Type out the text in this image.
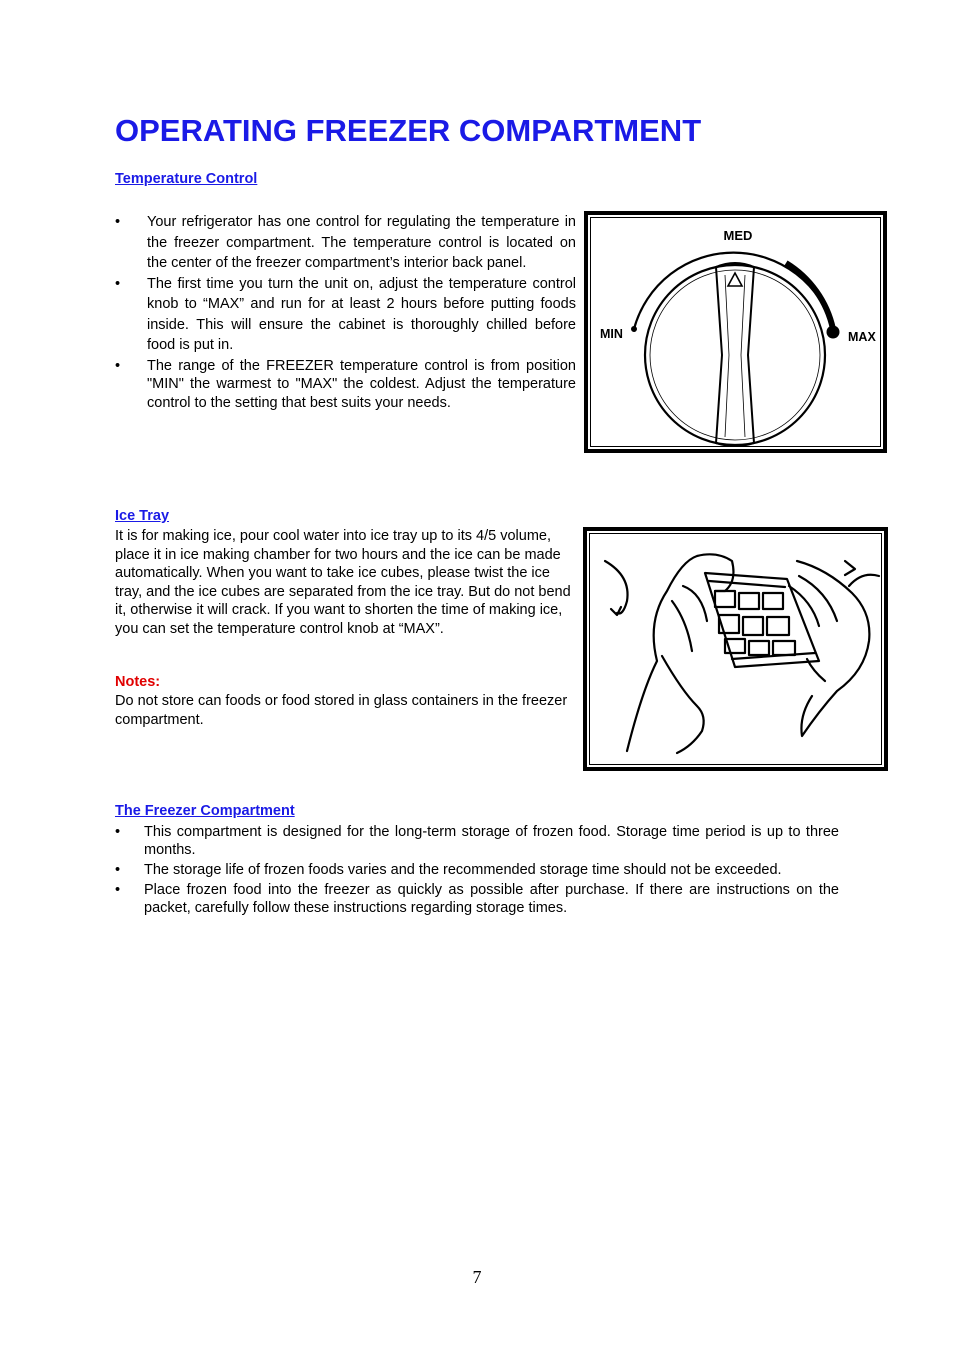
OPERATING FREEZER COMPARTMENT
Temperature Control
• Your refrigerator has one control for regulating the temperature in the freezer compartment. The temperature control is located on the center of the freezer compartment’s interior back panel.
• The first time you turn the unit on, adjust the temperature control knob to “MAX” and run for at least 2 hours before putting foods inside. This will ensure the cabinet is thoroughly chilled before food is put in.
• The range of the FREEZER temperature control is from position "MIN" the warmest to "MAX" the coldest. Adjust the temperature control to the setting that best suits your needs.
MED
MIN	MAX
Ice Tray

It is for making ice, pour cool water into ice tray up to its 4/5 volume, place it in ice making chamber for two hours and the ice can be made automatically. When you want to take ice cubes, please twist the ice tray, and the ice cubes are separated from the ice tray. But do not bend it, otherwise it will crack. If you want to shorten the time of making ice, you can set the temperature control knob at “MAX”.

Notes:

Do not store can foods or food stored in glass containers in the freezer compartment.

The Freezer Compartment
• This compartment is designed for the long-term storage of frozen food. Storage time period is up to three months.
• The storage life of frozen foods varies and the recommended storage time should not be exceeded.
• Place frozen food into the freezer as quickly as possible after purchase. If there are instructions on the packet, carefully follow these instructions regarding storage times.
7
